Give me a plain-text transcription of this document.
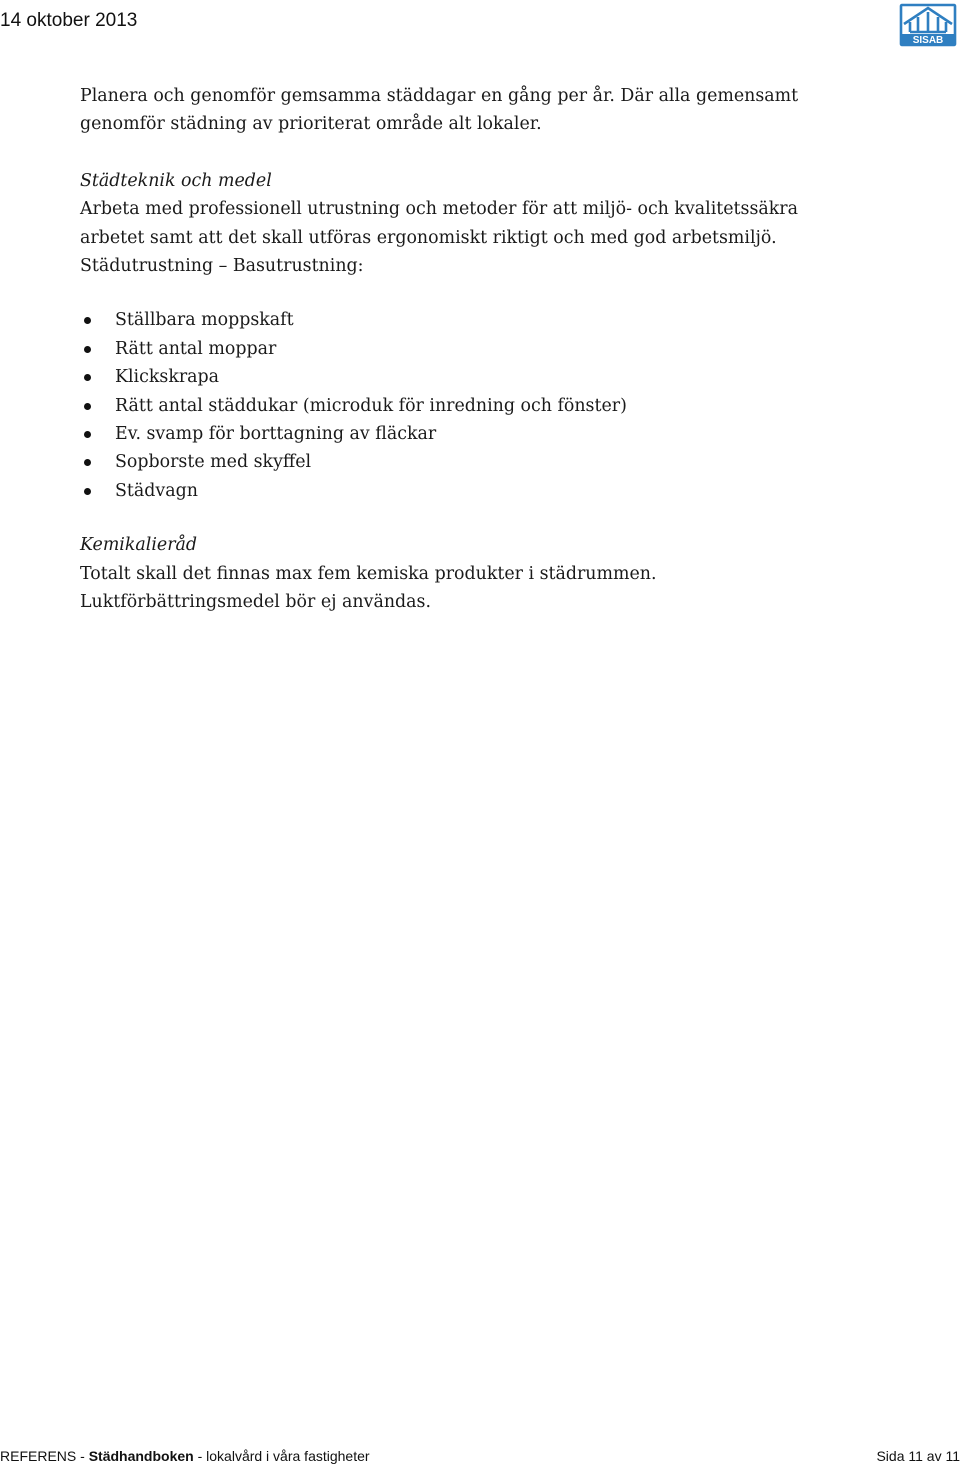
14 oktober 2013
SISAB

Planera och genomför gemsamma städdagar en gång per år. Där alla gemensamt

genomför städning av prioriterat område alt lokaler.

Städteknik och medel

Arbeta med professionell utrustning och metoder för att miljö- och kvalitetssäkra

arbetet samt att det skall utföras ergonomiskt riktigt och med god arbetsmiljö.

Städutrustning – Basutrustning:

Ställbara moppskaft
Rätt antal moppar
Klickskrapa
Rätt antal städdukar (microduk för inredning och fönster)
Ev. svamp för borttagning av fläckar
Sopborste med skyffel
Städvagn

Kemikalieråd

Totalt skall det finnas max fem kemiska produkter i städrummen.

Luktförbättringsmedel bör ej användas.

REFERENS - Städhandboken - lokalvård i våra fastigheter	Sida 11 av 11
